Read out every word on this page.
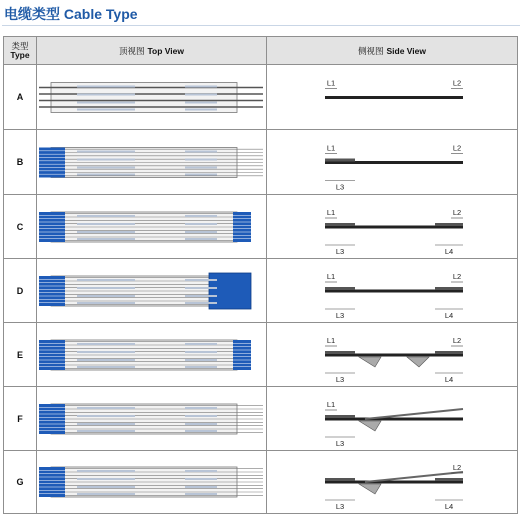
电缆类型 Cable Type
类型
Type	顶视图 Top View	侧视图 Side View
A
L1	L2
B
L1	L2
L3
C
L1	L2
L3	L4
D
L1	L2
L3	L4
E
L1	L2
L3	L4
F
L1
L3
G
L2
L3	L4
